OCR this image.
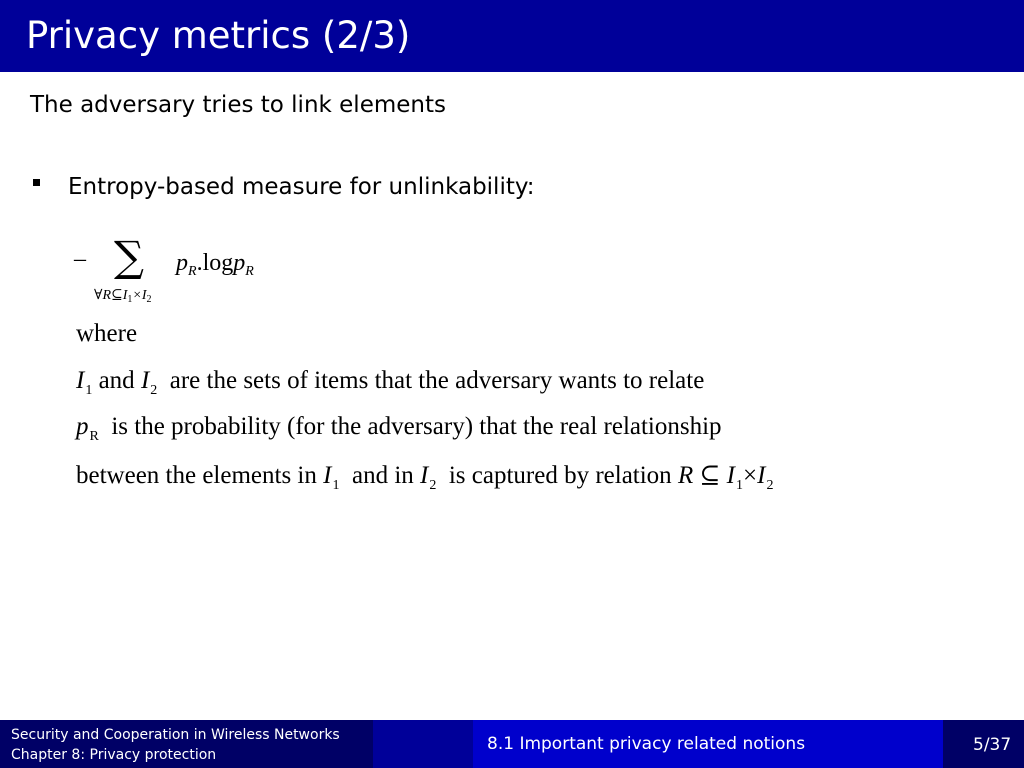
Privacy metrics (2/3)
The adversary tries to link elements
Entropy-based measure for unlinkability:
– ∑
$\forall R⊆I_1\times I_2$
$p_R.\log p_R$
where
$I_1$ and $I_2$ are the sets of items that the adversary wants to relate
$p_R$ is the probability (for the adversary) that the real relationship
between the elements in $I_1$ and in $I_2$ is captured by relation R ⊆ $I_1\times I_2$
Security and Cooperation in Wireless Networks
Chapter 8: Privacy protection
8.1 Important privacy related notions	5/37
